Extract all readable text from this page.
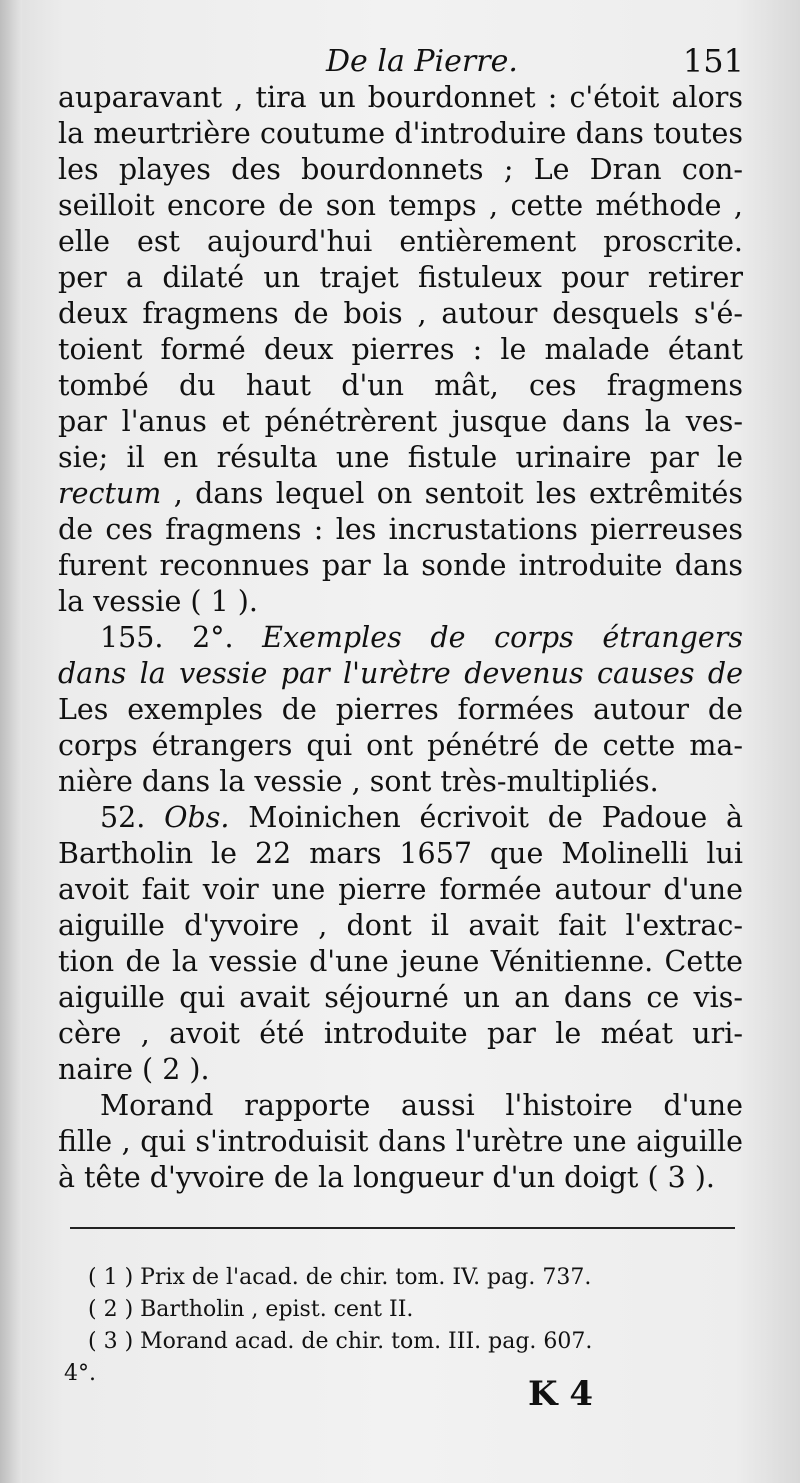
De la Pierre.	151
auparavant , tira un bourdonnet : c'étoit alors
la meurtrière coutume d'introduire dans toutes
les playes des bourdonnets ; Le Dran con-
seilloit encore de son temps , cette méthode ,
elle est aujourd'hui entièrement proscrite.
per a dilaté un trajet fistuleux pour retirer
deux fragmens de bois , autour desquels s'é-
toient formé deux pierres : le malade étant
tombé du haut d'un mât, ces fragmens
par l'anus et pénétrèrent jusque dans la ves-
sie; il en résulta une fistule urinaire par le
rectum , dans lequel on sentoit les extrêmités
de ces fragmens : les incrustations pierreuses
furent reconnues par la sonde introduite dans
la vessie ( 1 ).
155. 2°. Exemples de corps étrangers
dans la vessie par l'urètre devenus causes de
Les exemples de pierres formées autour de
corps étrangers qui ont pénétré de cette ma-
nière dans la vessie , sont très-multipliés.
52. Obs. Moinichen écrivoit de Padoue à
Bartholin le 22 mars 1657 que Molinelli lui
avoit fait voir une pierre formée autour d'une
aiguille d'yvoire , dont il avait fait l'extrac-
tion de la vessie d'une jeune Vénitienne. Cette
aiguille qui avait séjourné un an dans ce vis-
cère , avoit été introduite par le méat uri-
naire ( 2 ).
Morand rapporte aussi l'histoire d'une
fille , qui s'introduisit dans l'urètre une aiguille
à tête d'yvoire de la longueur d'un doigt ( 3 ).
( 1 ) Prix de l'acad. de chir. tom. IV. pag. 737.
( 2 ) Bartholin , epist. cent II.
( 3 ) Morand acad. de chir. tom. III. pag. 607.
4°.
K 4
